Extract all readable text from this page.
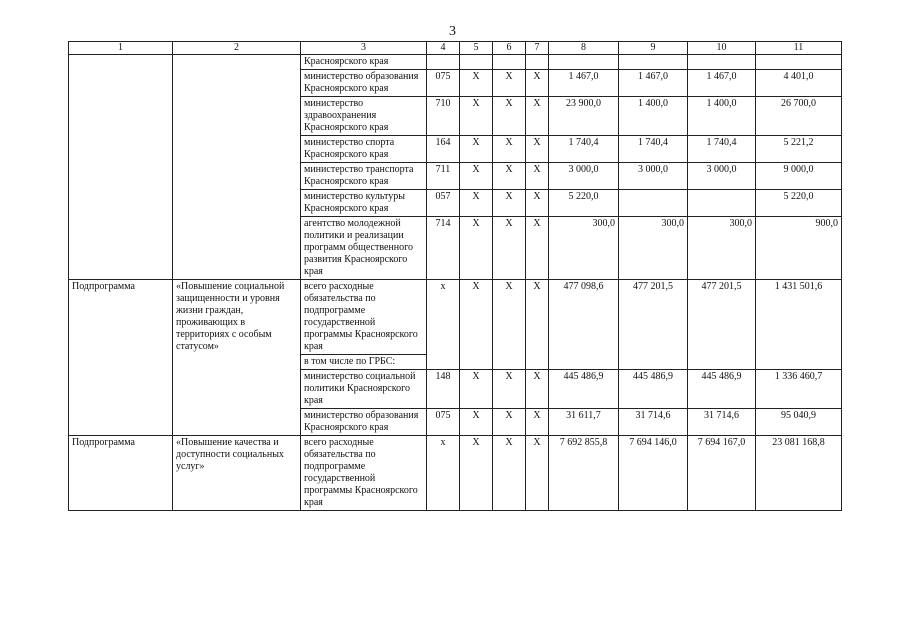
3
1	2	3	4	5	6	7	8	9	10	11
		Красноярского края								
		министерство образования Красноярского края	075	Х	Х	Х	1 467,0	1 467,0	1 467,0	4 401,0
		министерство здравоохранения Красноярского края	710	Х	Х	Х	23 900,0	1 400,0	1 400,0	26 700,0
		министерство спорта Красноярского края	164	Х	Х	Х	1 740,4	1 740,4	1 740,4	5 221,2
		министерство транспорта Красноярского края	711	Х	Х	Х	3 000,0	3 000,0	3 000,0	9 000,0
		министерство культуры Красноярского края	057	Х	Х	Х	5 220,0			5 220,0
		агентство молодежной политики и реализации программ общественного развития Красноярского края	714	Х	Х	Х	300,0	300,0	300,0	900,0
Подпрограмма	«Повышение социальной защищенности и уровня жизни граждан, проживающих в территориях с особым статусом»	всего расходные обязательства по подпрограмме государственной программы Красноярского края	х	Х	Х	Х	477 098,6	477 201,5	477 201,5	1 431 501,6
		в том числе по ГРБС:								
		министерство социальной политики Красноярского края	148	Х	Х	Х	445 486,9	445 486,9	445 486,9	1 336 460,7
		министерство образования Красноярского края	075	Х	Х	Х	31 611,7	31 714,6	31 714,6	95 040,9
Подпрограмма	«Повышение качества и доступности социальных услуг»	всего расходные обязательства по подпрограмме государственной программы Красноярского края	х	Х	Х	Х	7 692 855,8	7 694 146,0	7 694 167,0	23 081 168,8
